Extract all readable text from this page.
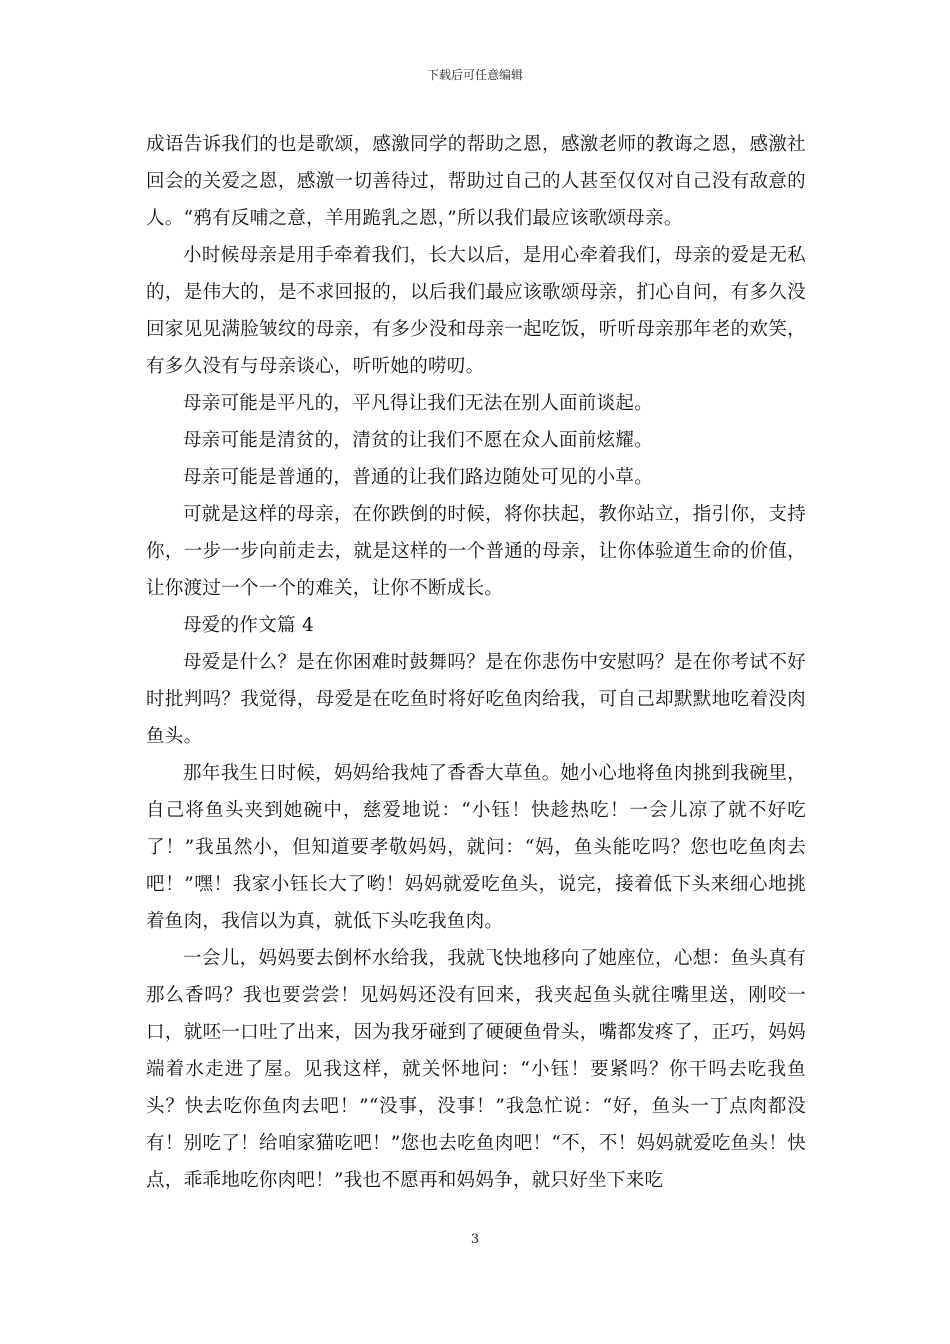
下载后可任意编辑

成语告诉我们的也是歌颂，感激同学的帮助之恩，感激老师的教诲之恩，感激社回会的关爱之恩，感激一切善待过，帮助过自己的人甚至仅仅对自己没有敌意的人。“鸦有反哺之意，羊用跪乳之恩，”所以我们最应该歌颂母亲。

小时候母亲是用手牵着我们，长大以后，是用心牵着我们，母亲的爱是无私的，是伟大的，是不求回报的，以后我们最应该歌颂母亲，扪心自问，有多久没回家见见满脸皱纹的母亲，有多少没和母亲一起吃饭，听听母亲那年老的欢笑，有多久没有与母亲谈心，听听她的唠叨。

母亲可能是平凡的，平凡得让我们无法在别人面前谈起。

母亲可能是清贫的，清贫的让我们不愿在众人面前炫耀。

母亲可能是普通的，普通的让我们路边随处可见的小草。

可就是这样的母亲，在你跌倒的时候，将你扶起，教你站立，指引你，支持你，一步一步向前走去，就是这样的一个普通的母亲，让你体验道生命的价值，让你渡过一个一个的难关，让你不断成长。

母爱的作文篇 4

母爱是什么？是在你困难时鼓舞吗？是在你悲伤中安慰吗？是在你考试不好时批判吗？我觉得，母爱是在吃鱼时将好吃鱼肉给我，可自己却默默地吃着没肉鱼头。

那年我生日时候，妈妈给我炖了香香大草鱼。她小心地将鱼肉挑到我碗里，自己将鱼头夹到她碗中，慈爱地说：“小钰！快趁热吃！一会儿凉了就不好吃了！”我虽然小，但知道要孝敬妈妈，就问：“妈，鱼头能吃吗？您也吃鱼肉去吧！”嘿！我家小钰长大了哟！妈妈就爱吃鱼头，说完，接着低下头来细心地挑着鱼肉，我信以为真，就低下头吃我鱼肉。

一会儿，妈妈要去倒杯水给我，我就飞快地移向了她座位，心想：鱼头真有那么香吗？我也要尝尝！见妈妈还没有回来，我夹起鱼头就往嘴里送，刚咬一口，就呸一口吐了出来，因为我牙碰到了硬硬鱼骨头，嘴都发疼了，正巧，妈妈端着水走进了屋。见我这样，就关怀地问：“小钰！要紧吗？你干吗去吃我鱼头？快去吃你鱼肉去吧！”“没事，没事！”我急忙说：“好，鱼头一丁点肉都没有！别吃了！给咱家猫吃吧！”您也去吃鱼肉吧！“不，不！妈妈就爱吃鱼头！快点，乖乖地吃你肉吧！”我也不愿再和妈妈争，就只好坐下来吃

3
